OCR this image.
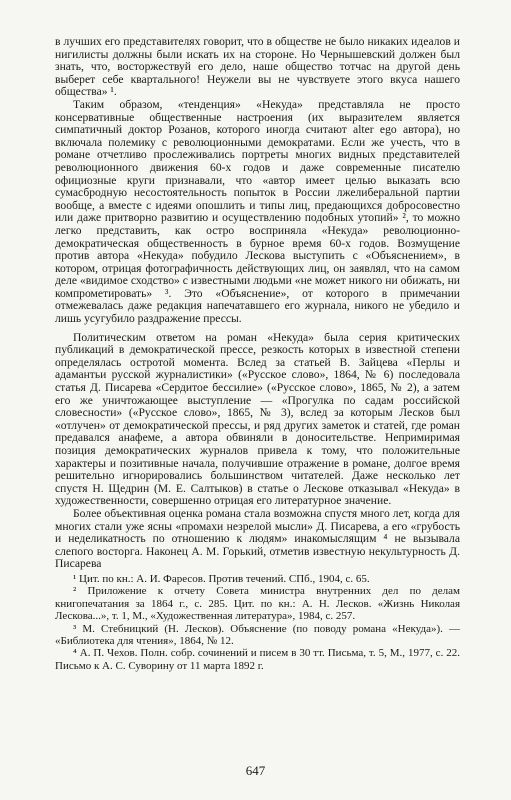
в лучших его представителях говорит, что в обществе не было никаких идеалов и нигилисты должны были искать их на стороне. Но Чернышевский должен был знать, что, восторжествуй его дело, наше общество тотчас на другой день выберет себе квартального! Неужели вы не чувствуете этого вкуса нашего общества» ¹.

Таким образом, «тенденция» «Некуда» представляла не просто консервативные общественные настроения (их выразителем является симпатичный доктор Розанов, которого иногда считают alter ego автора), но включала полемику с революционными демократами. Если же учесть, что в романе отчетливо прослеживались портреты многих видных представителей революционного движения 60-х годов и даже современные писателю официозные круги признавали, что «автор имеет целью выказать всю сумасбродную несостоятельность попыток в России лжелиберальной партии вообще, а вместе с идеями опошлить и типы лиц, предающихся добросовестно или даже притворно развитию и осуществлению подобных утопий» ², то можно легко представить, как остро восприняла «Некуда» революционно-демократическая общественность в бурное время 60-х годов. Возмущение против автора «Некуда» побудило Лескова выступить с «Объяснением», в котором, отрицая фотографичность действующих лиц, он заявлял, что на самом деле «видимое сходство» с известными людьми «не может никого ни обижать, ни компрометировать» ³. Это «Объяснение», от которого в примечании отмежевалась даже редакция напечатавшего его журнала, никого не убедило и лишь усугубило раздражение прессы.

Политическим ответом на роман «Некуда» была серия критических публикаций в демократической прессе, резкость которых в известной степени определялась остротой момента. Вслед за статьей В. Зайцева «Перлы и адамантьи русской журналистики» («Русское слово», 1864, № 6) последовала статья Д. Писарева «Сердитое бессилие» («Русское слово», 1865, № 2), а затем его же уничтожающее выступление — «Прогулка по садам российской словесности» («Русское слово», 1865, № 3), вслед за которым Лесков был «отлучен» от демократической прессы, и ряд других заметок и статей, где роман предавался анафеме, а автора обвиняли в доносительстве. Непримиримая позиция демократических журналов привела к тому, что положительные характеры и позитивные начала, получившие отражение в романе, долгое время решительно игнорировались большинством читателей. Даже несколько лет спустя Н. Щедрин (М. Е. Салтыков) в статье о Лескове отказывал «Некуда» в художественности, совершенно отрицая его литературное значение.

Более объективная оценка романа стала возможна спустя много лет, когда для многих стали уже ясны «промахи незрелой мысли» Д. Писарева, а его «грубость и неделикатность по отношению к людям» инакомыслящим ⁴ не вызывала слепого восторга. Наконец А. М. Горький, отметив известную некультурность Д. Писарева

¹ Цит. по кн.: А. И. Фаресов. Против течений. СПб., 1904, с. 65.

² Приложение к отчету Совета министра внутренних дел по делам книгопечатания за 1864 г., с. 285. Цит. по кн.: А. Н. Лесков. «Жизнь Николая Лескова...», т. 1, М., «Художественная литература», 1984, с. 257.

³ М. Стебницкий (Н. Лесков). Объяснение (по поводу романа «Некуда»). — «Библиотека для чтения», 1864, № 12.

⁴ А. П. Чехов. Полн. собр. сочинений и писем в 30 тт. Письма, т. 5, М., 1977, с. 22. Письмо к А. С. Суворину от 11 марта 1892 г.

647
